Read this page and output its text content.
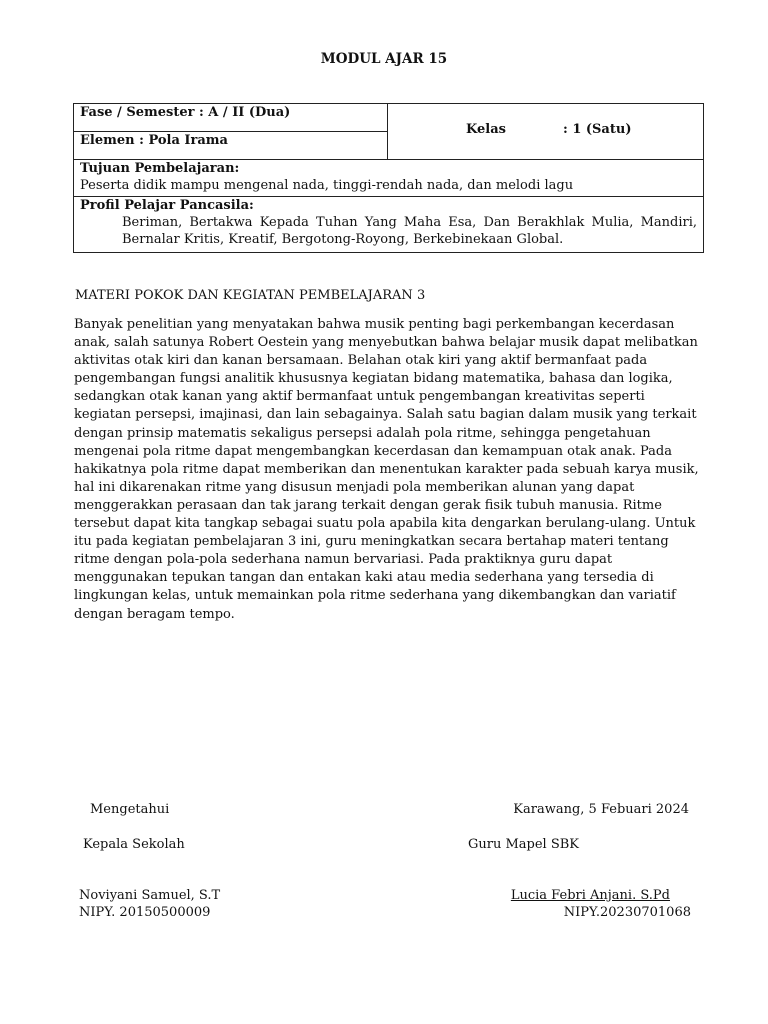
MODUL AJAR 15
Fase / Semester : A / II (Dua)
Elemen : Pola Irama
Kelas	: 1 (Satu)
Tujuan Pembelajaran:
Peserta didik mampu mengenal nada, tinggi-rendah nada, dan melodi lagu
Profil Pelajar Pancasila:
Beriman, Bertakwa Kepada Tuhan Yang Maha Esa, Dan Berakhlak Mulia, Mandiri, Bernalar Kritis, Kreatif, Bergotong-Royong, Berkebinekaan Global.
MATERI POKOK DAN KEGIATAN PEMBELAJARAN 3
Banyak penelitian yang menyatakan bahwa musik penting bagi perkembangan kecerdasan anak, salah satunya Robert Oestein yang menyebutkan bahwa belajar musik dapat melibatkan aktivitas otak kiri dan kanan bersamaan. Belahan otak kiri yang aktif bermanfaat pada pengembangan fungsi analitik khususnya kegiatan bidang matematika, bahasa dan logika, sedangkan otak kanan yang aktif bermanfaat untuk pengembangan kreativitas seperti kegiatan persepsi, imajinasi, dan lain sebagainya. Salah satu bagian dalam musik yang terkait dengan prinsip matematis sekaligus persepsi adalah pola ritme, sehingga pengetahuan mengenai pola ritme dapat mengembangkan kecerdasan dan kemampuan otak anak. Pada hakikatnya pola ritme dapat memberikan dan menentukan karakter pada sebuah karya musik, hal ini dikarenakan ritme yang disusun menjadi pola memberikan alunan yang dapat menggerakkan perasaan dan tak jarang terkait dengan gerak fisik tubuh manusia. Ritme tersebut dapat kita tangkap sebagai suatu pola apabila kita dengarkan berulang-ulang. Untuk itu pada kegiatan pembelajaran 3 ini, guru meningkatkan secara bertahap materi tentang ritme dengan pola-pola sederhana namun bervariasi. Pada praktiknya guru dapat menggunakan tepukan tangan dan entakan kaki atau media sederhana yang tersedia di lingkungan kelas, untuk memainkan pola ritme sederhana yang dikembangkan dan variatif dengan beragam tempo.
Mengetahui	Karawang, 5 Febuari 2024
Kepala Sekolah	Guru Mapel SBK
Noviyani Samuel, S.T	Lucia Febri Anjani. S.Pd
NIPY. 20150500009	NIPY.20230701068
